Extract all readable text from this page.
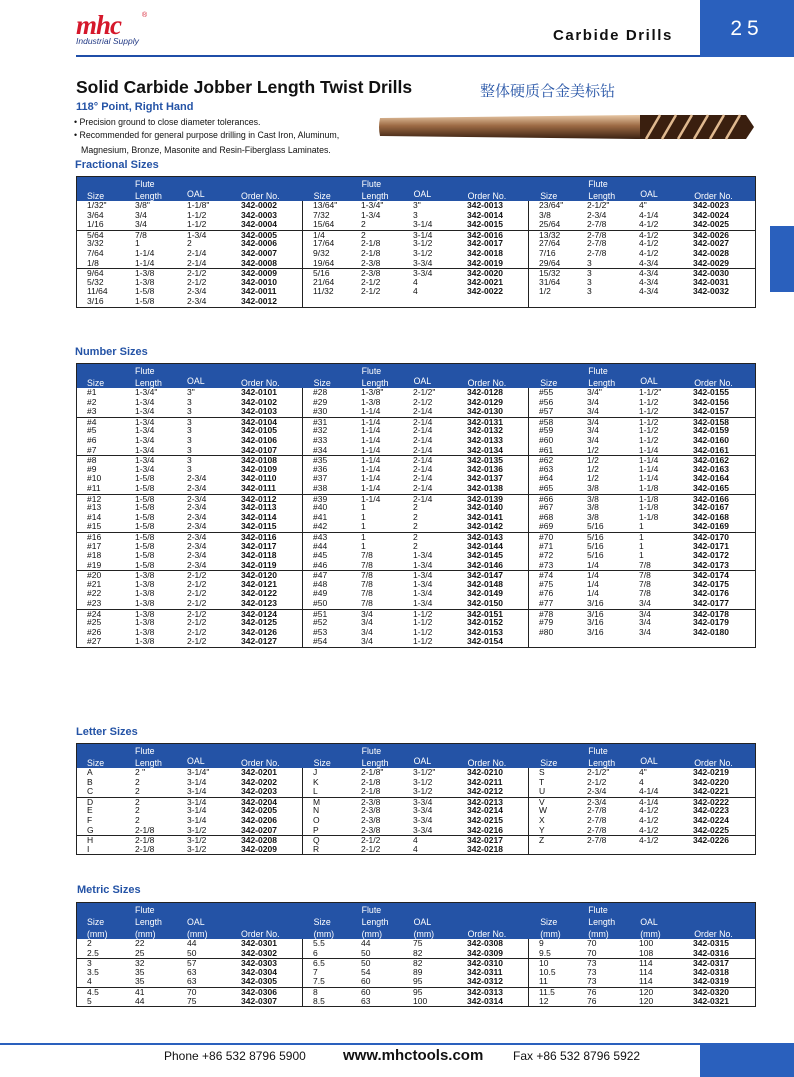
mhc	®
Industrial Supply	Carbide Drills	25
Solid Carbide Jobber Length Twist Drills	整体硬质合金美标钻
118° Point, Right Hand
• Precision ground to close diameter tolerances.
• Recommended for general purpose drilling in Cast Iron, Aluminum,
Magnesium, Bronze, Masonite and Resin-Fiberglass Laminates.
Fractional Sizes
Number Sizes
Letter Sizes
Metric Sizes
Size
Flute
Length	OAL	Order No.	Size
Flute
Length	OAL	Order No.	Size
Flute
Length	OAL	Order No.
1/32"	3/8"	1-1/8"	342-0002
3/64	3/4	1-1/2	342-0003
1/16	3/4	1-1/2	342-0004
5/64	7/8	1-3/4	342-0005
3/32	1	2	342-0006
7/64	1-1/4	2-1/4	342-0007
1/8	1-1/4	2-1/4	342-0008
9/64	1-3/8	2-1/2	342-0009
5/32	1-3/8	2-1/2	342-0010
11/64	1-5/8	2-3/4	342-0011
3/16	1-5/8	2-3/4	342-0012
13/64"	1-3/4"	3"	342-0013
7/32	1-3/4	3	342-0014
15/64	2	3-1/4	342-0015
1/4	2	3-1/4	342-0016
17/64	2-1/8	3-1/2	342-0017
9/32	2-1/8	3-1/2	342-0018
19/64	2-3/8	3-3/4	342-0019
5/16	2-3/8	3-3/4	342-0020
21/64	2-1/2	4	342-0021
11/32	2-1/2	4	342-0022
23/64"	2-1/2"	4"	342-0023
3/8	2-3/4	4-1/4	342-0024
25/64	2-7/8	4-1/2	342-0025
13/32	2-7/8	4-1/2	342-0026
27/64	2-7/8	4-1/2	342-0027
7/16	2-7/8	4-1/2	342-0028
29/64	3	4-3/4	342-0029
15/32	3	4-3/4	342-0030
31/64	3	4-3/4	342-0031
1/2	3	4-3/4	342-0032
Size
Flute
Length	OAL	Order No.	Size
Flute
Length	OAL	Order No.	Size
Flute
Length	OAL	Order No.
#1	1-3/4"	3"	342-0101
#2	1-3/4	3	342-0102
#3	1-3/4	3	342-0103
#4	1-3/4	3	342-0104
#5	1-3/4	3	342-0105
#6	1-3/4	3	342-0106
#7	1-3/4	3	342-0107
#8	1-3/4	3	342-0108
#9	1-3/4	3	342-0109
#10	1-5/8	2-3/4	342-0110
#11	1-5/8	2-3/4	342-0111
#12	1-5/8	2-3/4	342-0112
#13	1-5/8	2-3/4	342-0113
#14	1-5/8	2-3/4	342-0114
#15	1-5/8	2-3/4	342-0115
#16	1-5/8	2-3/4	342-0116
#17	1-5/8	2-3/4	342-0117
#18	1-5/8	2-3/4	342-0118
#19	1-5/8	2-3/4	342-0119
#20	1-3/8	2-1/2	342-0120
#21	1-3/8	2-1/2	342-0121
#22	1-3/8	2-1/2	342-0122
#23	1-3/8	2-1/2	342-0123
#24	1-3/8	2-1/2	342-0124
#25	1-3/8	2-1/2	342-0125
#26	1-3/8	2-1/2	342-0126
#27	1-3/8	2-1/2	342-0127
#28	1-3/8"	2-1/2"	342-0128
#29	1-3/8	2-1/2	342-0129
#30	1-1/4	2-1/4	342-0130
#31	1-1/4	2-1/4	342-0131
#32	1-1/4	2-1/4	342-0132
#33	1-1/4	2-1/4	342-0133
#34	1-1/4	2-1/4	342-0134
#35	1-1/4	2-1/4	342-0135
#36	1-1/4	2-1/4	342-0136
#37	1-1/4	2-1/4	342-0137
#38	1-1/4	2-1/4	342-0138
#39	1-1/4	2-1/4	342-0139
#40	1	2	342-0140
#41	1	2	342-0141
#42	1	2	342-0142
#43	1	2	342-0143
#44	1	2	342-0144
#45	7/8	1-3/4	342-0145
#46	7/8	1-3/4	342-0146
#47	7/8	1-3/4	342-0147
#48	7/8	1-3/4	342-0148
#49	7/8	1-3/4	342-0149
#50	7/8	1-3/4	342-0150
#51	3/4	1-1/2	342-0151
#52	3/4	1-1/2	342-0152
#53	3/4	1-1/2	342-0153
#54	3/4	1-1/2	342-0154
#55	3/4"	1-1/2"	342-0155
#56	3/4	1-1/2	342-0156
#57	3/4	1-1/2	342-0157
#58	3/4	1-1/2	342-0158
#59	3/4	1-1/2	342-0159
#60	3/4	1-1/2	342-0160
#61	1/2	1-1/4	342-0161
#62	1/2	1-1/4	342-0162
#63	1/2	1-1/4	342-0163
#64	1/2	1-1/4	342-0164
#65	3/8	1-1/8	342-0165
#66	3/8	1-1/8	342-0166
#67	3/8	1-1/8	342-0167
#68	3/8	1-1/8	342-0168
#69	5/16	1	342-0169
#70	5/16	1	342-0170
#71	5/16	1	342-0171
#72	5/16	1	342-0172
#73	1/4	7/8	342-0173
#74	1/4	7/8	342-0174
#75	1/4	7/8	342-0175
#76	1/4	7/8	342-0176
#77	3/16	3/4	342-0177
#78	3/16	3/4	342-0178
#79	3/16	3/4	342-0179
#80	3/16	3/4	342-0180
Size
Flute
Length	OAL	Order No.	Size
Flute
Length	OAL	Order No.	Size
Flute
Length	OAL	Order No.
A	2 "	3-1/4"	342-0201
B	2	3-1/4	342-0202
C	2	3-1/4	342-0203
D	2	3-1/4	342-0204
E	2	3-1/4	342-0205
F	2	3-1/4	342-0206
G	2-1/8	3-1/2	342-0207
H	2-1/8	3-1/2	342-0208
I	2-1/8	3-1/2	342-0209
J	2-1/8"	3-1/2"	342-0210
K	2-1/8	3-1/2	342-0211
L	2-1/8	3-1/2	342-0212
M	2-3/8	3-3/4	342-0213
N	2-3/8	3-3/4	342-0214
O	2-3/8	3-3/4	342-0215
P	2-3/8	3-3/4	342-0216
Q	2-1/2	4	342-0217
R	2-1/2	4	342-0218
S	2-1/2"	4"	342-0219
T	2-1/2	4	342-0220
U	2-3/4	4-1/4	342-0221
V	2-3/4	4-1/4	342-0222
W	2-7/8	4-1/2	342-0223
X	2-7/8	4-1/2	342-0224
Y	2-7/8	4-1/2	342-0225
Z	2-7/8	4-1/2	342-0226
Size
(mm)
Flute
Length
(mm)
OAL
(mm)	Order No.
Size
(mm)
Flute
Length
(mm)
OAL
(mm)	Order No.
Size
(mm)
Flute
Length
(mm)
OAL
(mm)	Order No.
2	22	44	342-0301
2.5	25	50	342-0302
3	32	57	342-0303
3.5	35	63	342-0304
4	35	63	342-0305
4.5	41	70	342-0306
5	44	75	342-0307
5.5	44	75	342-0308
6	50	82	342-0309
6.5	50	82	342-0310
7	54	89	342-0311
7.5	60	95	342-0312
8	60	95	342-0313
8.5	63	100	342-0314
9	70	100	342-0315
9.5	70	108	342-0316
10	73	114	342-0317
10.5	73	114	342-0318
11	73	114	342-0319
11.5	76	120	342-0320
12	76	120	342-0321
Phone +86 532 8796 5900 www.mhctools.com Fax +86 532 8796 5922
